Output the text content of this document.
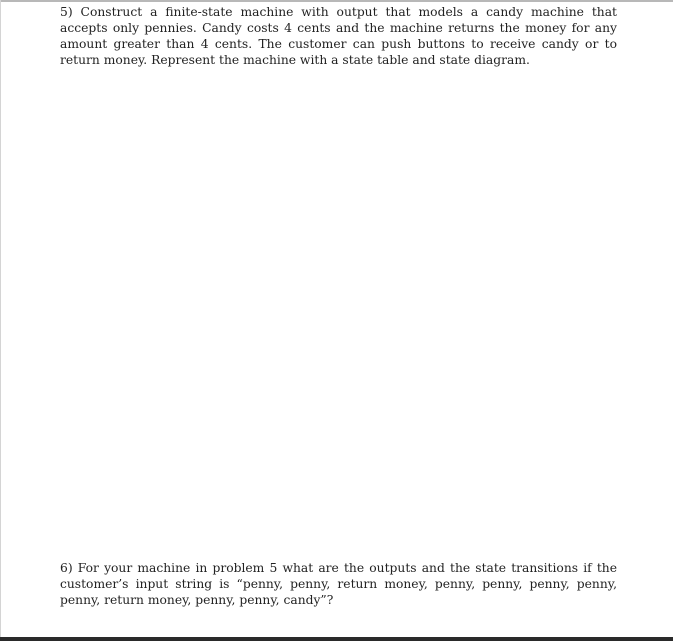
5) Construct a finite-state machine with output that models a candy machine that accepts only pennies. Candy costs 4 cents and the machine returns the money for any amount greater than 4 cents. The customer can push buttons to receive candy or to return money. Represent the machine with a state table and state diagram.

6) For your machine in problem 5 what are the outputs and the state transitions if the customer’s input string is “penny, penny, return money, penny, penny, penny, penny, penny, return money, penny, penny, candy”?
